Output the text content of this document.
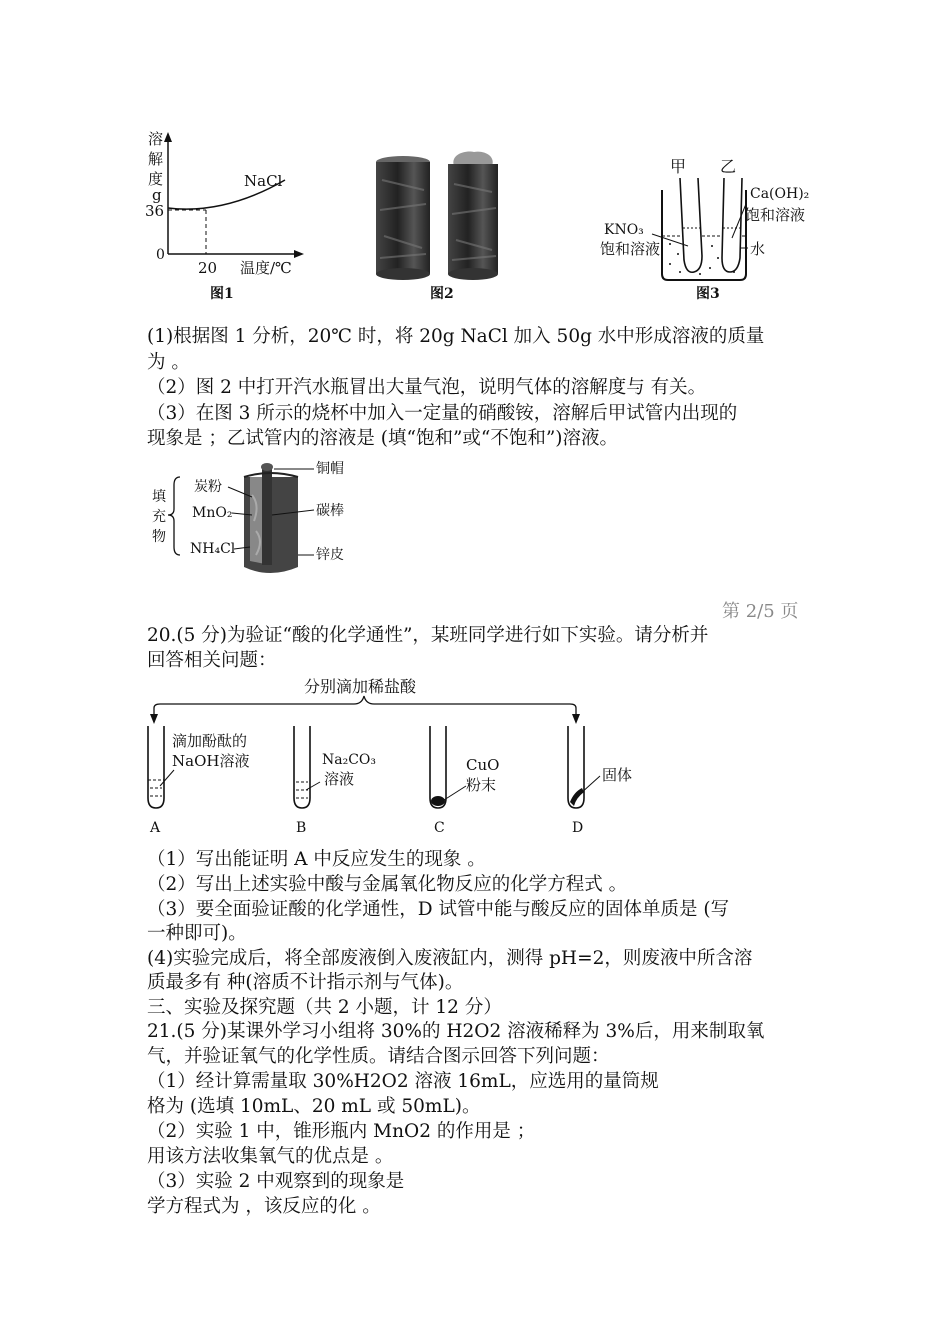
溶
解
度
g
36
0
20 温度/℃
NaCl
图1	图2
甲 乙
Ca(OH)₂
饱和溶液
KNO₃
饱和溶液	水
图3
(1)根据图 1 分析，20℃ 时，将 20g NaCl 加入 50g 水中形成溶液的质量
为 。
（2）图 2 中打开汽水瓶冒出大量气泡，说明气体的溶解度与 有关。
（3）在图 3 所示的烧杯中加入一定量的硝酸铵，溶解后甲试管内出现的
现象是 ；乙试管内的溶液是 (填“饱和”或“不饱和”)溶液。
填
充
物
炭粉
MnO₂
NH₄Cl
铜帽
碳棒
锌皮
第 2/5 页
20.(5 分)为验证“酸的化学通性”，某班同学进行如下实验。请分析并
回答相关问题：
分别滴加稀盐酸
滴加酚酞的
NaOH溶液
A
Na₂CO₃
溶液
B
CuO
粉末
C
固体
D
（1）写出能证明 A 中反应发生的现象 。
（2）写出上述实验中酸与金属氧化物反应的化学方程式 。
（3）要全面验证酸的化学通性，D 试管中能与酸反应的固体单质是 (写
一种即可)。
(4)实验完成后，将全部废液倒入废液缸内，测得 pH=2，则废液中所含溶
质最多有 种(溶质不计指示剂与气体)。
三、实验及探究题（共 2 小题，计 12 分）
21.(5 分)某课外学习小组将 30%的 H2O2 溶液稀释为 3%后，用来制取氧
气，并验证氧气的化学性质。请结合图示回答下列问题：
（1）经计算需量取 30%H2O2 溶液 16mL，应选用的量筒规
格为 (选填 10mL、20 mL 或 50mL)。
（2）实验 1 中，锥形瓶内 MnO2 的作用是 ；
用该方法收集氧气的优点是 。
（3）实验 2 中观察到的现象是
学方程式为 ，该反应的化 。
